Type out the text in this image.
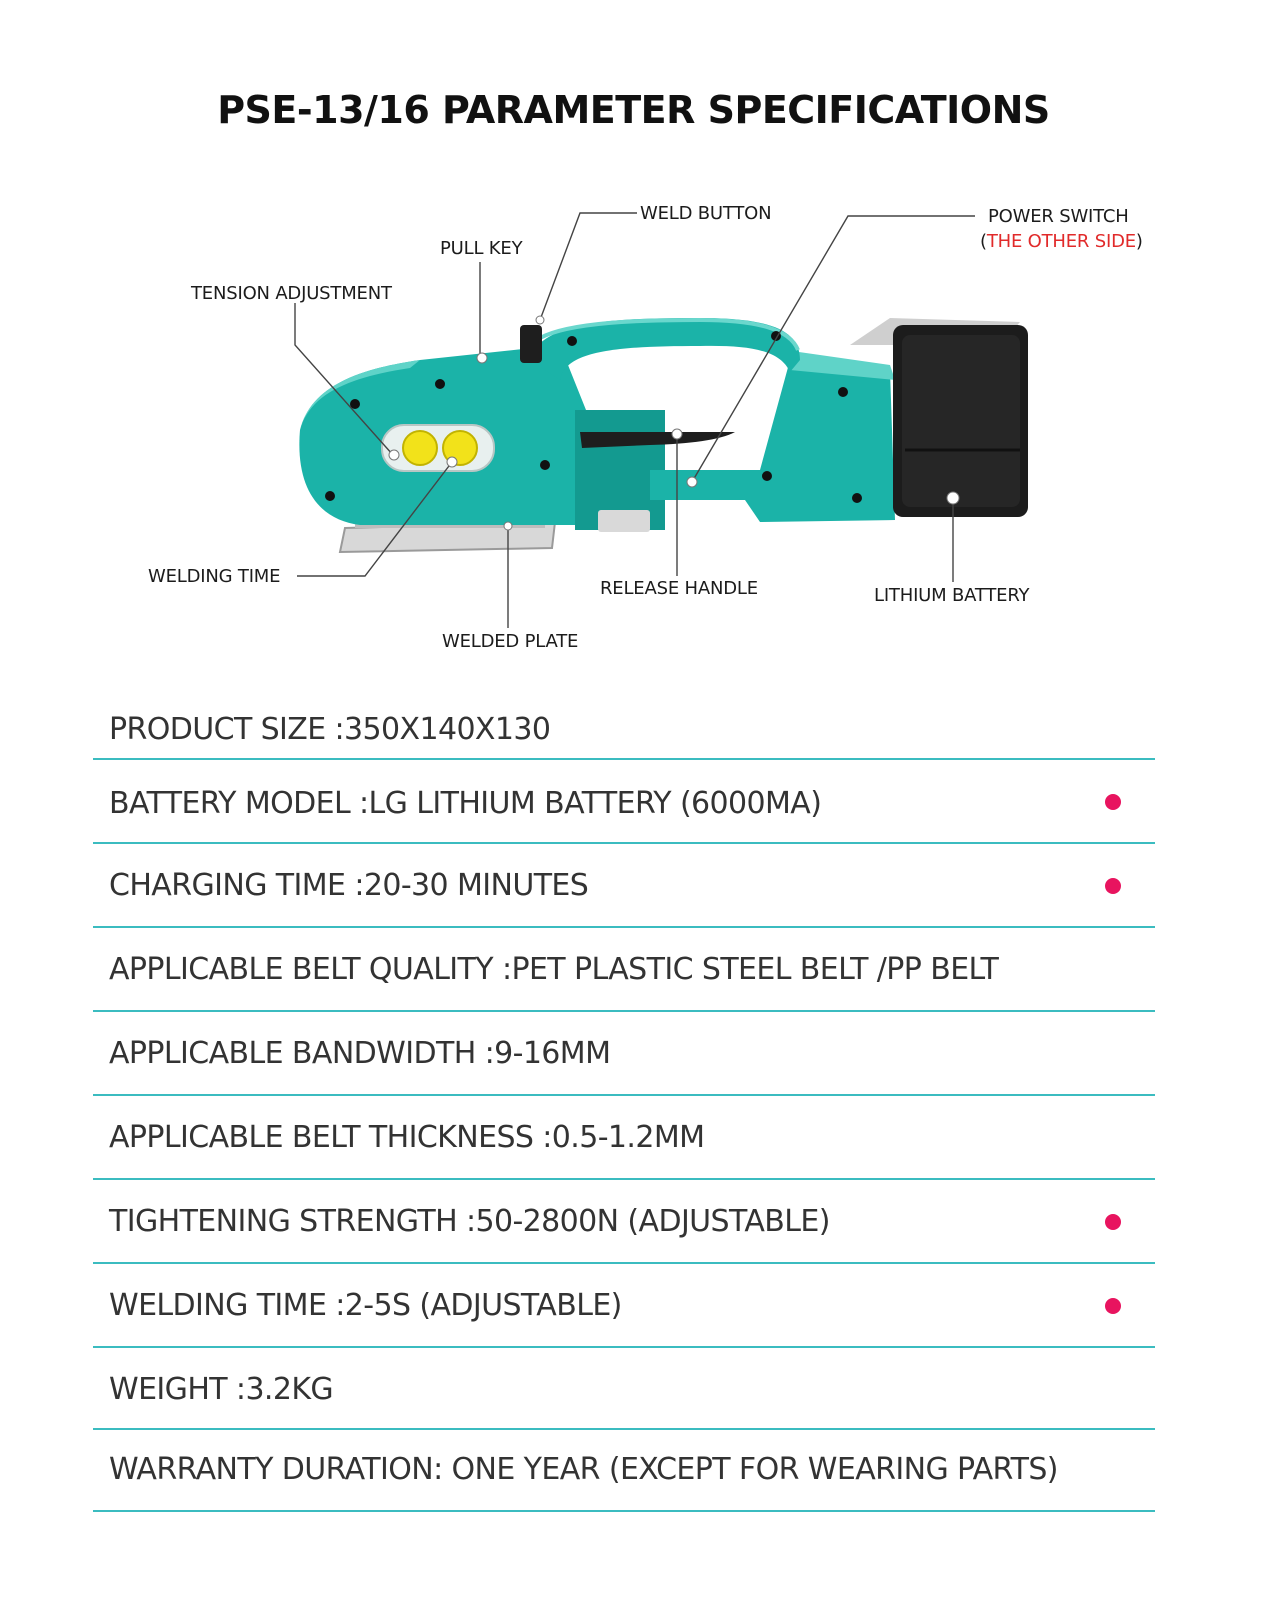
PSE-13/16 PARAMETER SPECIFICATIONS
WELD BUTTON	POWER SWITCH
(THE OTHER SIDE)
PULL KEY
TENSION ADJUSTMENT
WELDING TIME
RELEASE HANDLE	LITHIUM BATTERY
WELDED PLATE
PRODUCT SIZE :350X140X130
BATTERY MODEL :LG LITHIUM BATTERY (6000MA)
CHARGING TIME :20-30 MINUTES
APPLICABLE BELT QUALITY :PET PLASTIC STEEL BELT /PP BELT
APPLICABLE BANDWIDTH :9-16MM
APPLICABLE BELT THICKNESS :0.5-1.2MM
TIGHTENING STRENGTH :50-2800N (ADJUSTABLE)
WELDING TIME :2-5S (ADJUSTABLE)
WEIGHT :3.2KG
WARRANTY DURATION: ONE YEAR (EXCEPT FOR WEARING PARTS)
